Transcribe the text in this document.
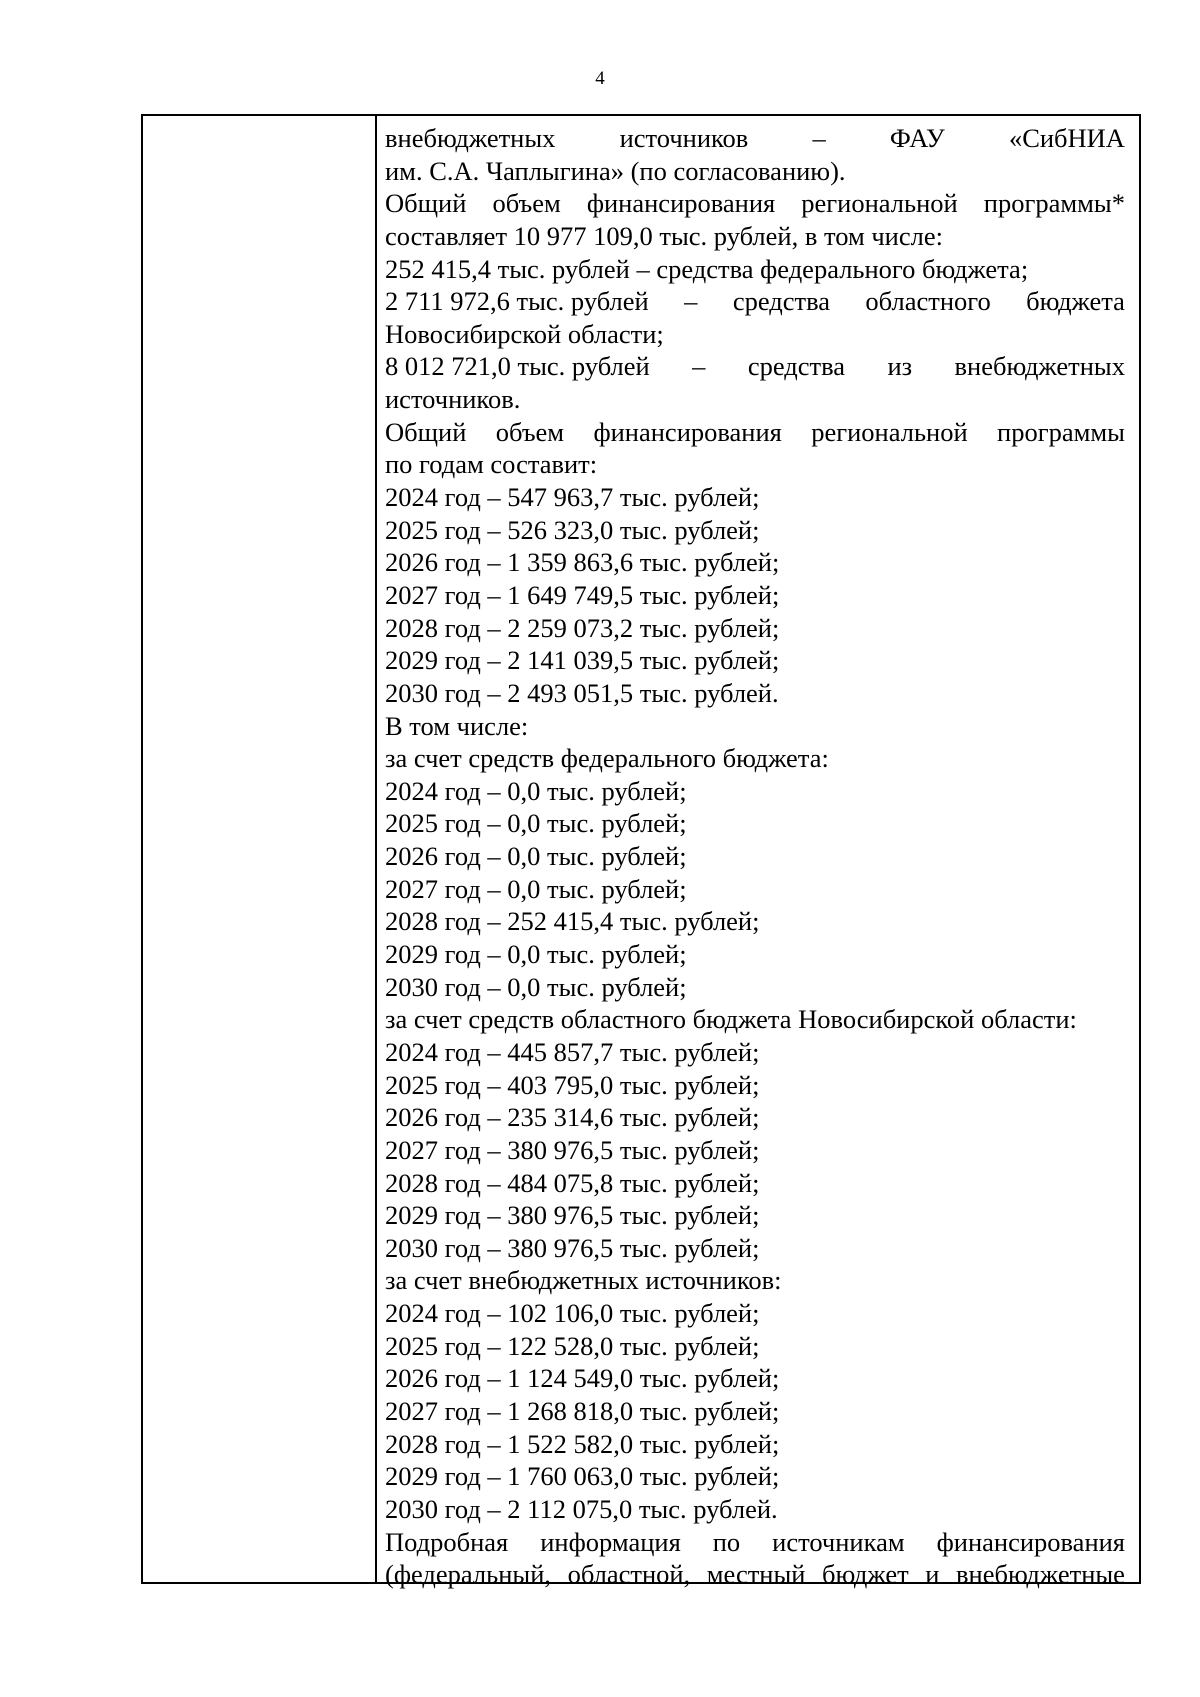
4
внебюджетных источников – ФАУ «СибНИА
им. С.А. Чаплыгина» (по согласованию).
Общий объем финансирования региональной программы*
составляет 10 977 109,0 тыс. рублей, в том числе:
252 415,4 тыс. рублей – средства федерального бюджета;
2 711 972,6 тыс. рублей – средства областного бюджета
Новосибирской области;
8 012 721,0 тыс. рублей – средства из внебюджетных
источников.
Общий объем финансирования региональной программы
по годам составит:
2024 год – 547 963,7 тыс. рублей;
2025 год – 526 323,0 тыс. рублей;
2026 год – 1 359 863,6 тыс. рублей;
2027 год – 1 649 749,5 тыс. рублей;
2028 год – 2 259 073,2 тыс. рублей;
2029 год – 2 141 039,5 тыс. рублей;
2030 год – 2 493 051,5 тыс. рублей.
В том числе:
за счет средств федерального бюджета:
2024 год – 0,0 тыс. рублей;
2025 год – 0,0 тыс. рублей;
2026 год – 0,0 тыс. рублей;
2027 год – 0,0 тыс. рублей;
2028 год – 252 415,4 тыс. рублей;
2029 год – 0,0 тыс. рублей;
2030 год – 0,0 тыс. рублей;
за счет средств областного бюджета Новосибирской области:
2024 год – 445 857,7 тыс. рублей;
2025 год – 403 795,0 тыс. рублей;
2026 год – 235 314,6 тыс. рублей;
2027 год – 380 976,5 тыс. рублей;
2028 год – 484 075,8 тыс. рублей;
2029 год – 380 976,5 тыс. рублей;
2030 год – 380 976,5 тыс. рублей;
за счет внебюджетных источников:
2024 год – 102 106,0 тыс. рублей;
2025 год – 122 528,0 тыс. рублей;
2026 год – 1 124 549,0 тыс. рублей;
2027 год – 1 268 818,0 тыс. рублей;
2028 год – 1 522 582,0 тыс. рублей;
2029 год – 1 760 063,0 тыс. рублей;
2030 год – 2 112 075,0 тыс. рублей.
Подробная информация по источникам финансирования
(федеральный, областной, местный бюджет и внебюджетные
